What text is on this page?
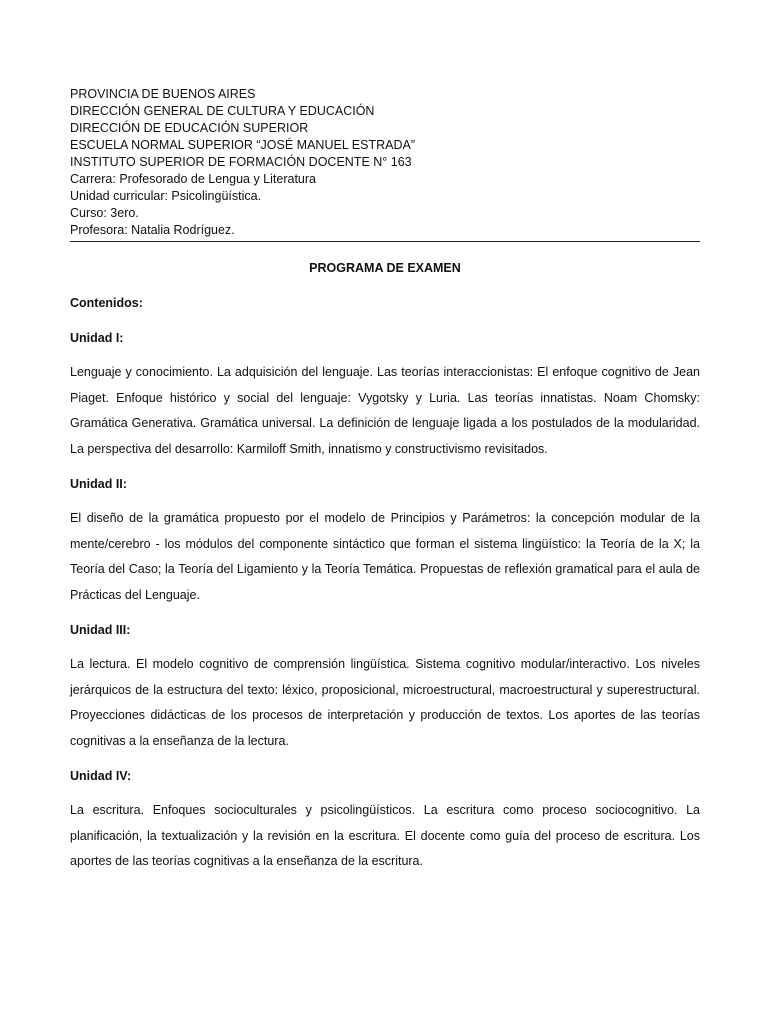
PROVINCIA DE BUENOS AIRES
DIRECCIÓN GENERAL DE CULTURA Y EDUCACIÓN
DIRECCIÓN DE EDUCACIÓN SUPERIOR
ESCUELA NORMAL SUPERIOR “JOSÉ MANUEL ESTRADA”
INSTITUTO SUPERIOR DE FORMACIÓN DOCENTE N° 163
Carrera: Profesorado de Lengua y Literatura
Unidad curricular: Psicolingüística.
Curso: 3ero.
Profesora: Natalia Rodríguez.
PROGRAMA DE EXAMEN
Contenidos:
Unidad I:

Lenguaje y conocimiento. La adquisición del lenguaje. Las teorías interaccionistas: El enfoque cognitivo de Jean Piaget. Enfoque histórico y social del lenguaje: Vygotsky y Luria. Las teorías innatistas. Noam Chomsky: Gramática Generativa. Gramática universal. La definición de lenguaje ligada a los postulados de la modularidad. La perspectiva del desarrollo: Karmiloff Smith, innatismo y constructivismo revisitados.

Unidad II:

El diseño de la gramática propuesto por el modelo de Principios y Parámetros: la concepción modular de la mente/cerebro - los módulos del componente sintáctico que forman el sistema lingüístico: la Teoría de la X; la Teoría del Caso; la Teoría del Ligamiento y la Teoría Temática. Propuestas de reflexión gramatical para el aula de Prácticas del Lenguaje.

Unidad III:

La lectura. El modelo cognitivo de comprensión lingüística. Sistema cognitivo modular/interactivo. Los niveles jerárquicos de la estructura del texto: léxico, proposicional, microestructural, macroestructural y superestructural. Proyecciones didácticas de los procesos de interpretación y producción de textos. Los aportes de las teorías cognitivas a la enseñanza de la lectura.

Unidad IV:

La escritura. Enfoques socioculturales y psicolingüísticos. La escritura como proceso sociocognitivo. La planificación, la textualización y la revisión en la escritura. El docente como guía del proceso de escritura. Los aportes de las teorías cognitivas a la enseñanza de la escritura.
